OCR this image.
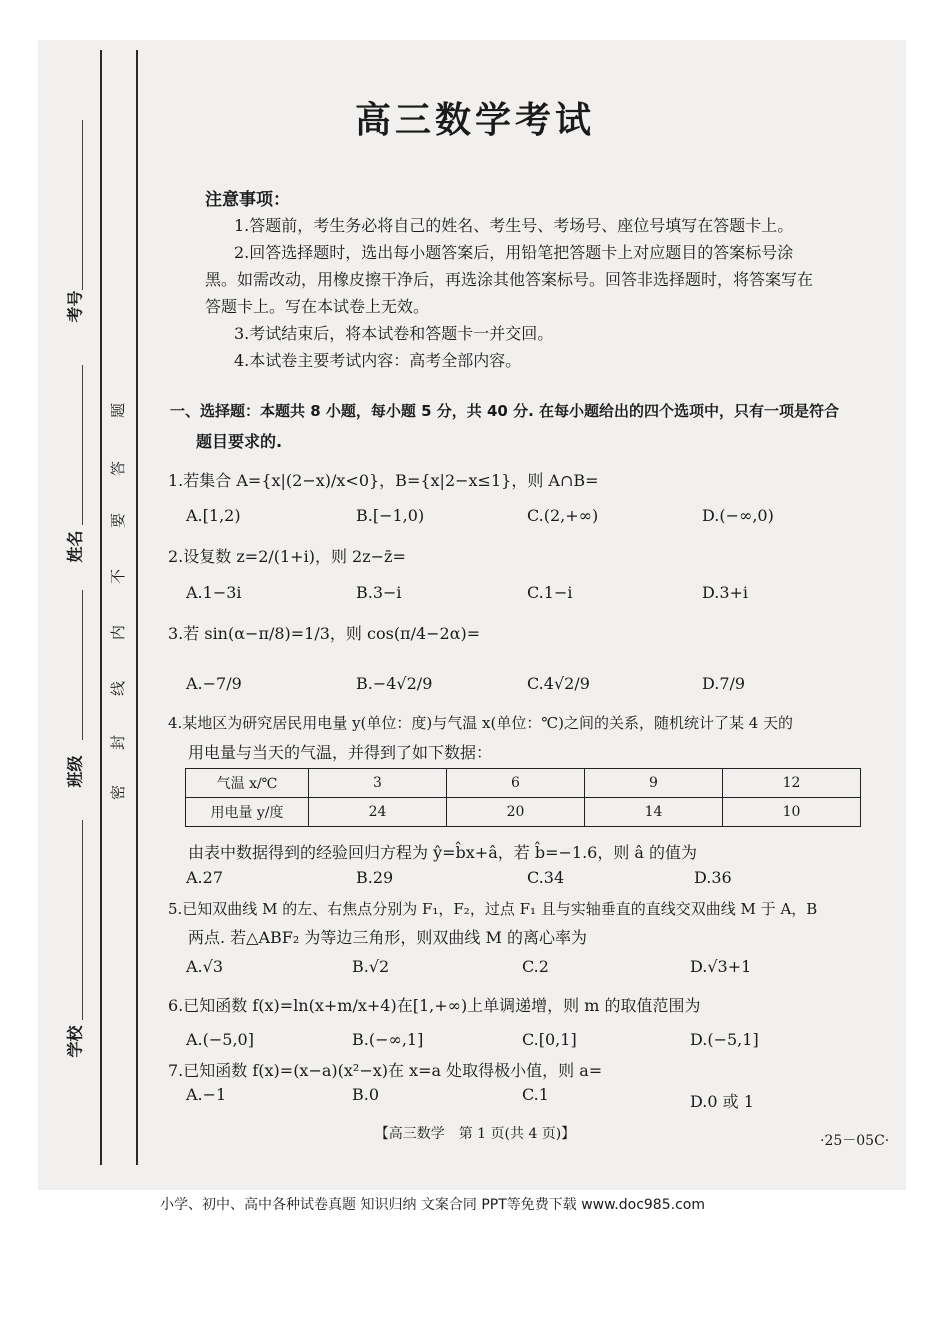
考号
姓名
班级
学校
题
答
要
不
内
线
封
密
高三数学考试
注意事项：
1.答题前，考生务必将自己的姓名、考生号、考场号、座位号填写在答题卡上。
2.回答选择题时，选出每小题答案后，用铅笔把答题卡上对应题目的答案标号涂
黑。如需改动，用橡皮擦干净后，再选涂其他答案标号。回答非选择题时，将答案写在
答题卡上。写在本试卷上无效。
3.考试结束后，将本试卷和答题卡一并交回。
4.本试卷主要考试内容：高考全部内容。
一、选择题：本题共 8 小题，每小题 5 分，共 40 分. 在每小题给出的四个选项中，只有一项是符合
题目要求的.
1.若集合 A={x|(2−x)/x<0}，B={x|2−x≤1}，则 A∩B=
A.[1,2)	B.[−1,0)	C.(2,+∞)	D.(−∞,0)
2.设复数 z=2/(1+i)，则 2z−z̄=
A.1−3i	B.3−i	C.1−i	D.3+i
3.若 sin(α−π/8)=1/3，则 cos(π/4−2α)=
A.−7/9	B.−4√2/9	C.4√2/9	D.7/9
4.某地区为研究居民用电量 y(单位：度)与气温 x(单位：℃)之间的关系，随机统计了某 4 天的
用电量与当天的气温，并得到了如下数据：
气温 x/℃	3	6	9	12
用电量 y/度	24	20	14	10
由表中数据得到的经验回归方程为 ŷ=b̂x+â，若 b̂=−1.6，则 â 的值为
A.27	B.29	C.34	D.36
5.已知双曲线 M 的左、右焦点分别为 F₁，F₂，过点 F₁ 且与实轴垂直的直线交双曲线 M 于 A，B
两点. 若△ABF₂ 为等边三角形，则双曲线 M 的离心率为
A.√3	B.√2	C.2	D.√3+1
6.已知函数 f(x)=ln(x+m/x+4)在[1,+∞)上单调递增，则 m 的取值范围为
A.(−5,0]	B.(−∞,1]	C.[0,1]	D.(−5,1]
7.已知函数 f(x)=(x−a)(x²−x)在 x=a 处取得极小值，则 a=
A.−1	B.0	C.1	D.0 或 1
【高三数学　第 1 页(共 4 页)】	·25－05C·
小学、初中、高中各种试卷真题 知识归纳 文案合同 PPT等免费下载 www.doc985.com
